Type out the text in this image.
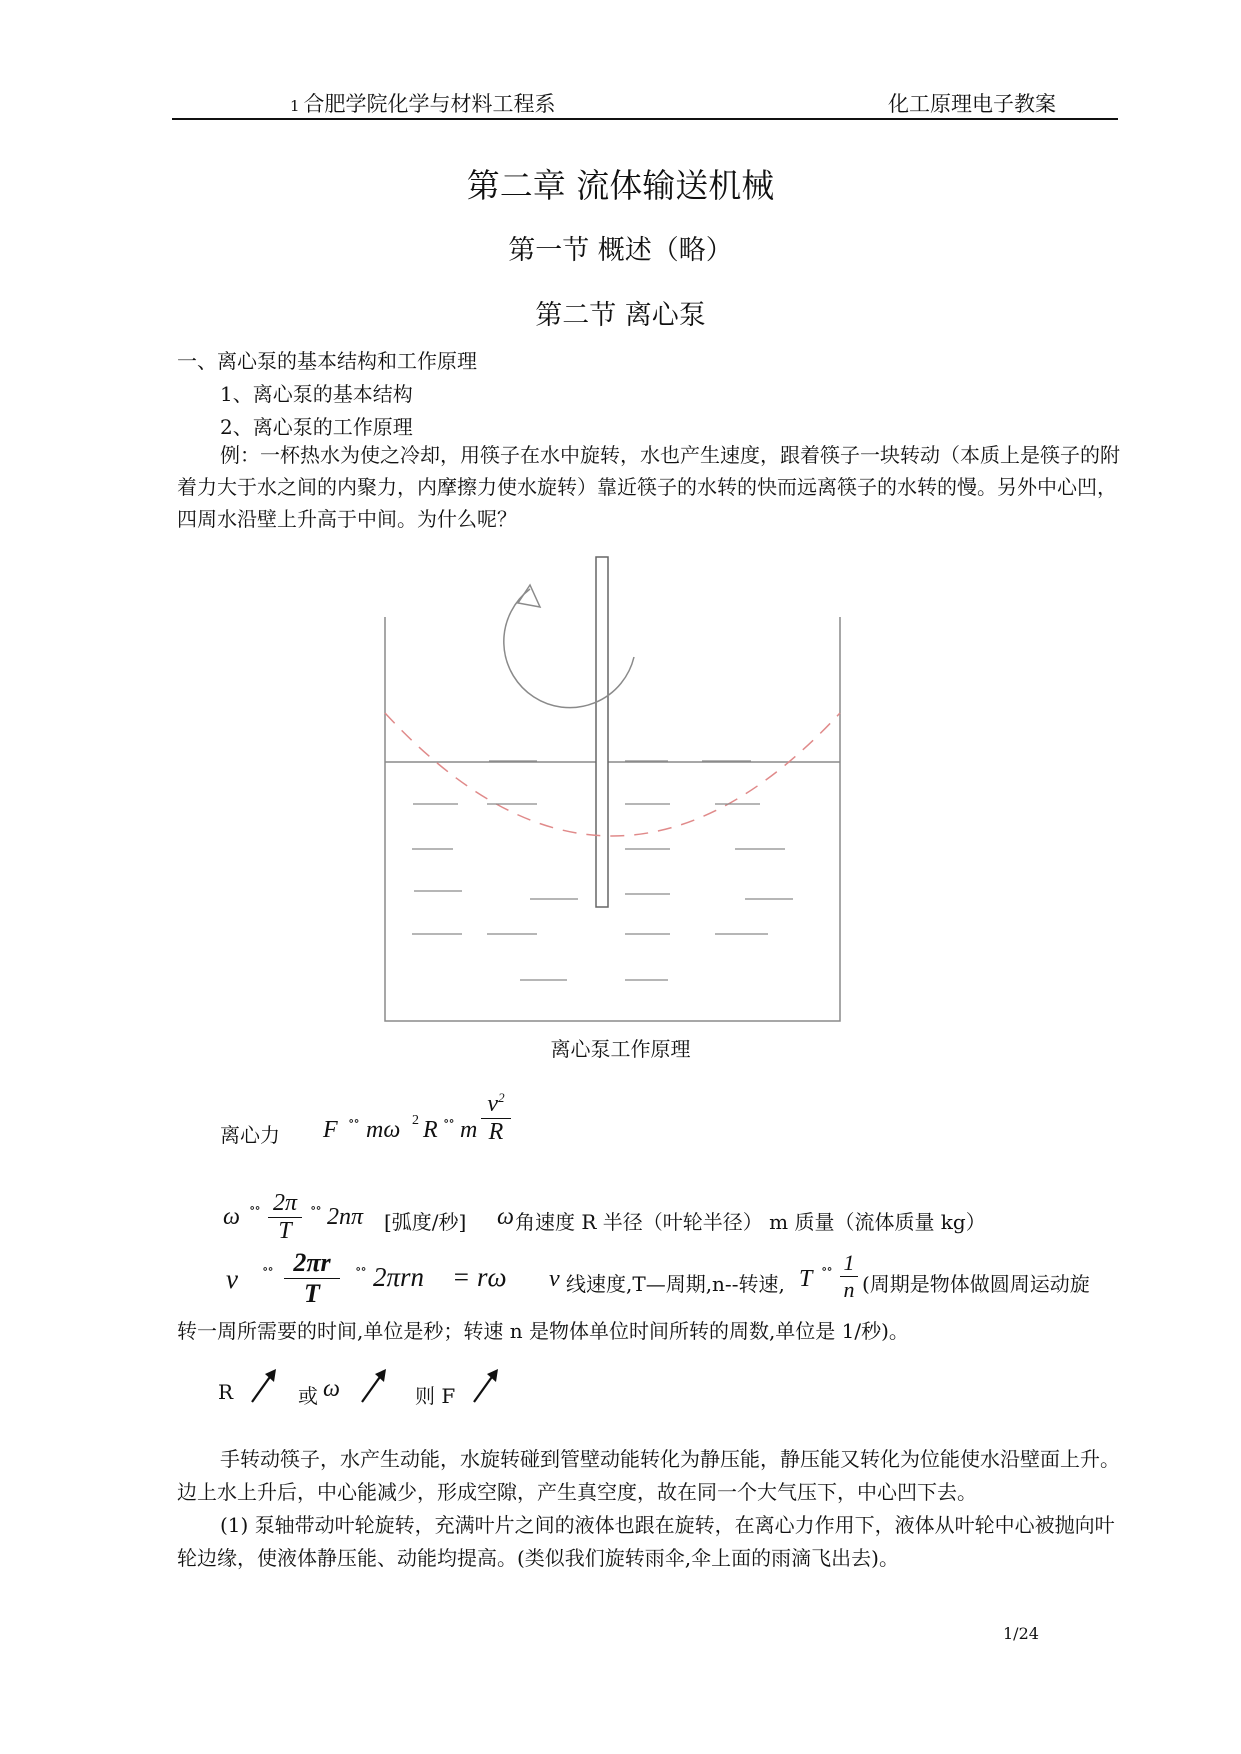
1 合肥学院化学与材料工程系	化工原理电子教案
第二章 流体输送机械
第一节 概述（略）
第二节 离心泵
一、离心泵的基本结构和工作原理
1、离心泵的基本结构
2、离心泵的工作原理
例：一杯热水为使之冷却，用筷子在水中旋转，水也产生速度，跟着筷子一块转动（本质上是筷子的附着力大于水之间的内聚力，内摩擦力使水旋转）靠近筷子的水转的快而远离筷子的水转的慢。另外中心凹，四周水沿壁上升高于中间。为什么呢？
离心泵工作原理
离心力 F ∘∘ mω 2 R ∘∘ m $\frac{v^2}{R}$
ω ∘∘ $\frac{2\pi}{T}$ ∘∘ 2nπ [弧度/秒] ω 角速度 R 半径（叶轮半径） m 质量（流体质量 kg）
ν ∘∘ $\frac{2\pi r}{T}$ ∘∘ 2πrn = rω ν 线速度,T—周期,n--转速, T ∘∘ $\frac{1}{n}$ (周期是物体做圆周运动旋
转一周所需要的时间,单位是秒；转速 n 是物体单位时间所转的周数,单位是 1/秒)。
R	或 ω	则 F
手转动筷子，水产生动能，水旋转碰到管壁动能转化为静压能，静压能又转化为位能使水沿壁面上升。边上水上升后，中心能减少，形成空隙，产生真空度，故在同一个大气压下，中心凹下去。
(1) 泵轴带动叶轮旋转，充满叶片之间的液体也跟在旋转，在离心力作用下，液体从叶轮中心被抛向叶轮边缘，使液体静压能、动能均提高。(类似我们旋转雨伞,伞上面的雨滴飞出去)。
1/24
